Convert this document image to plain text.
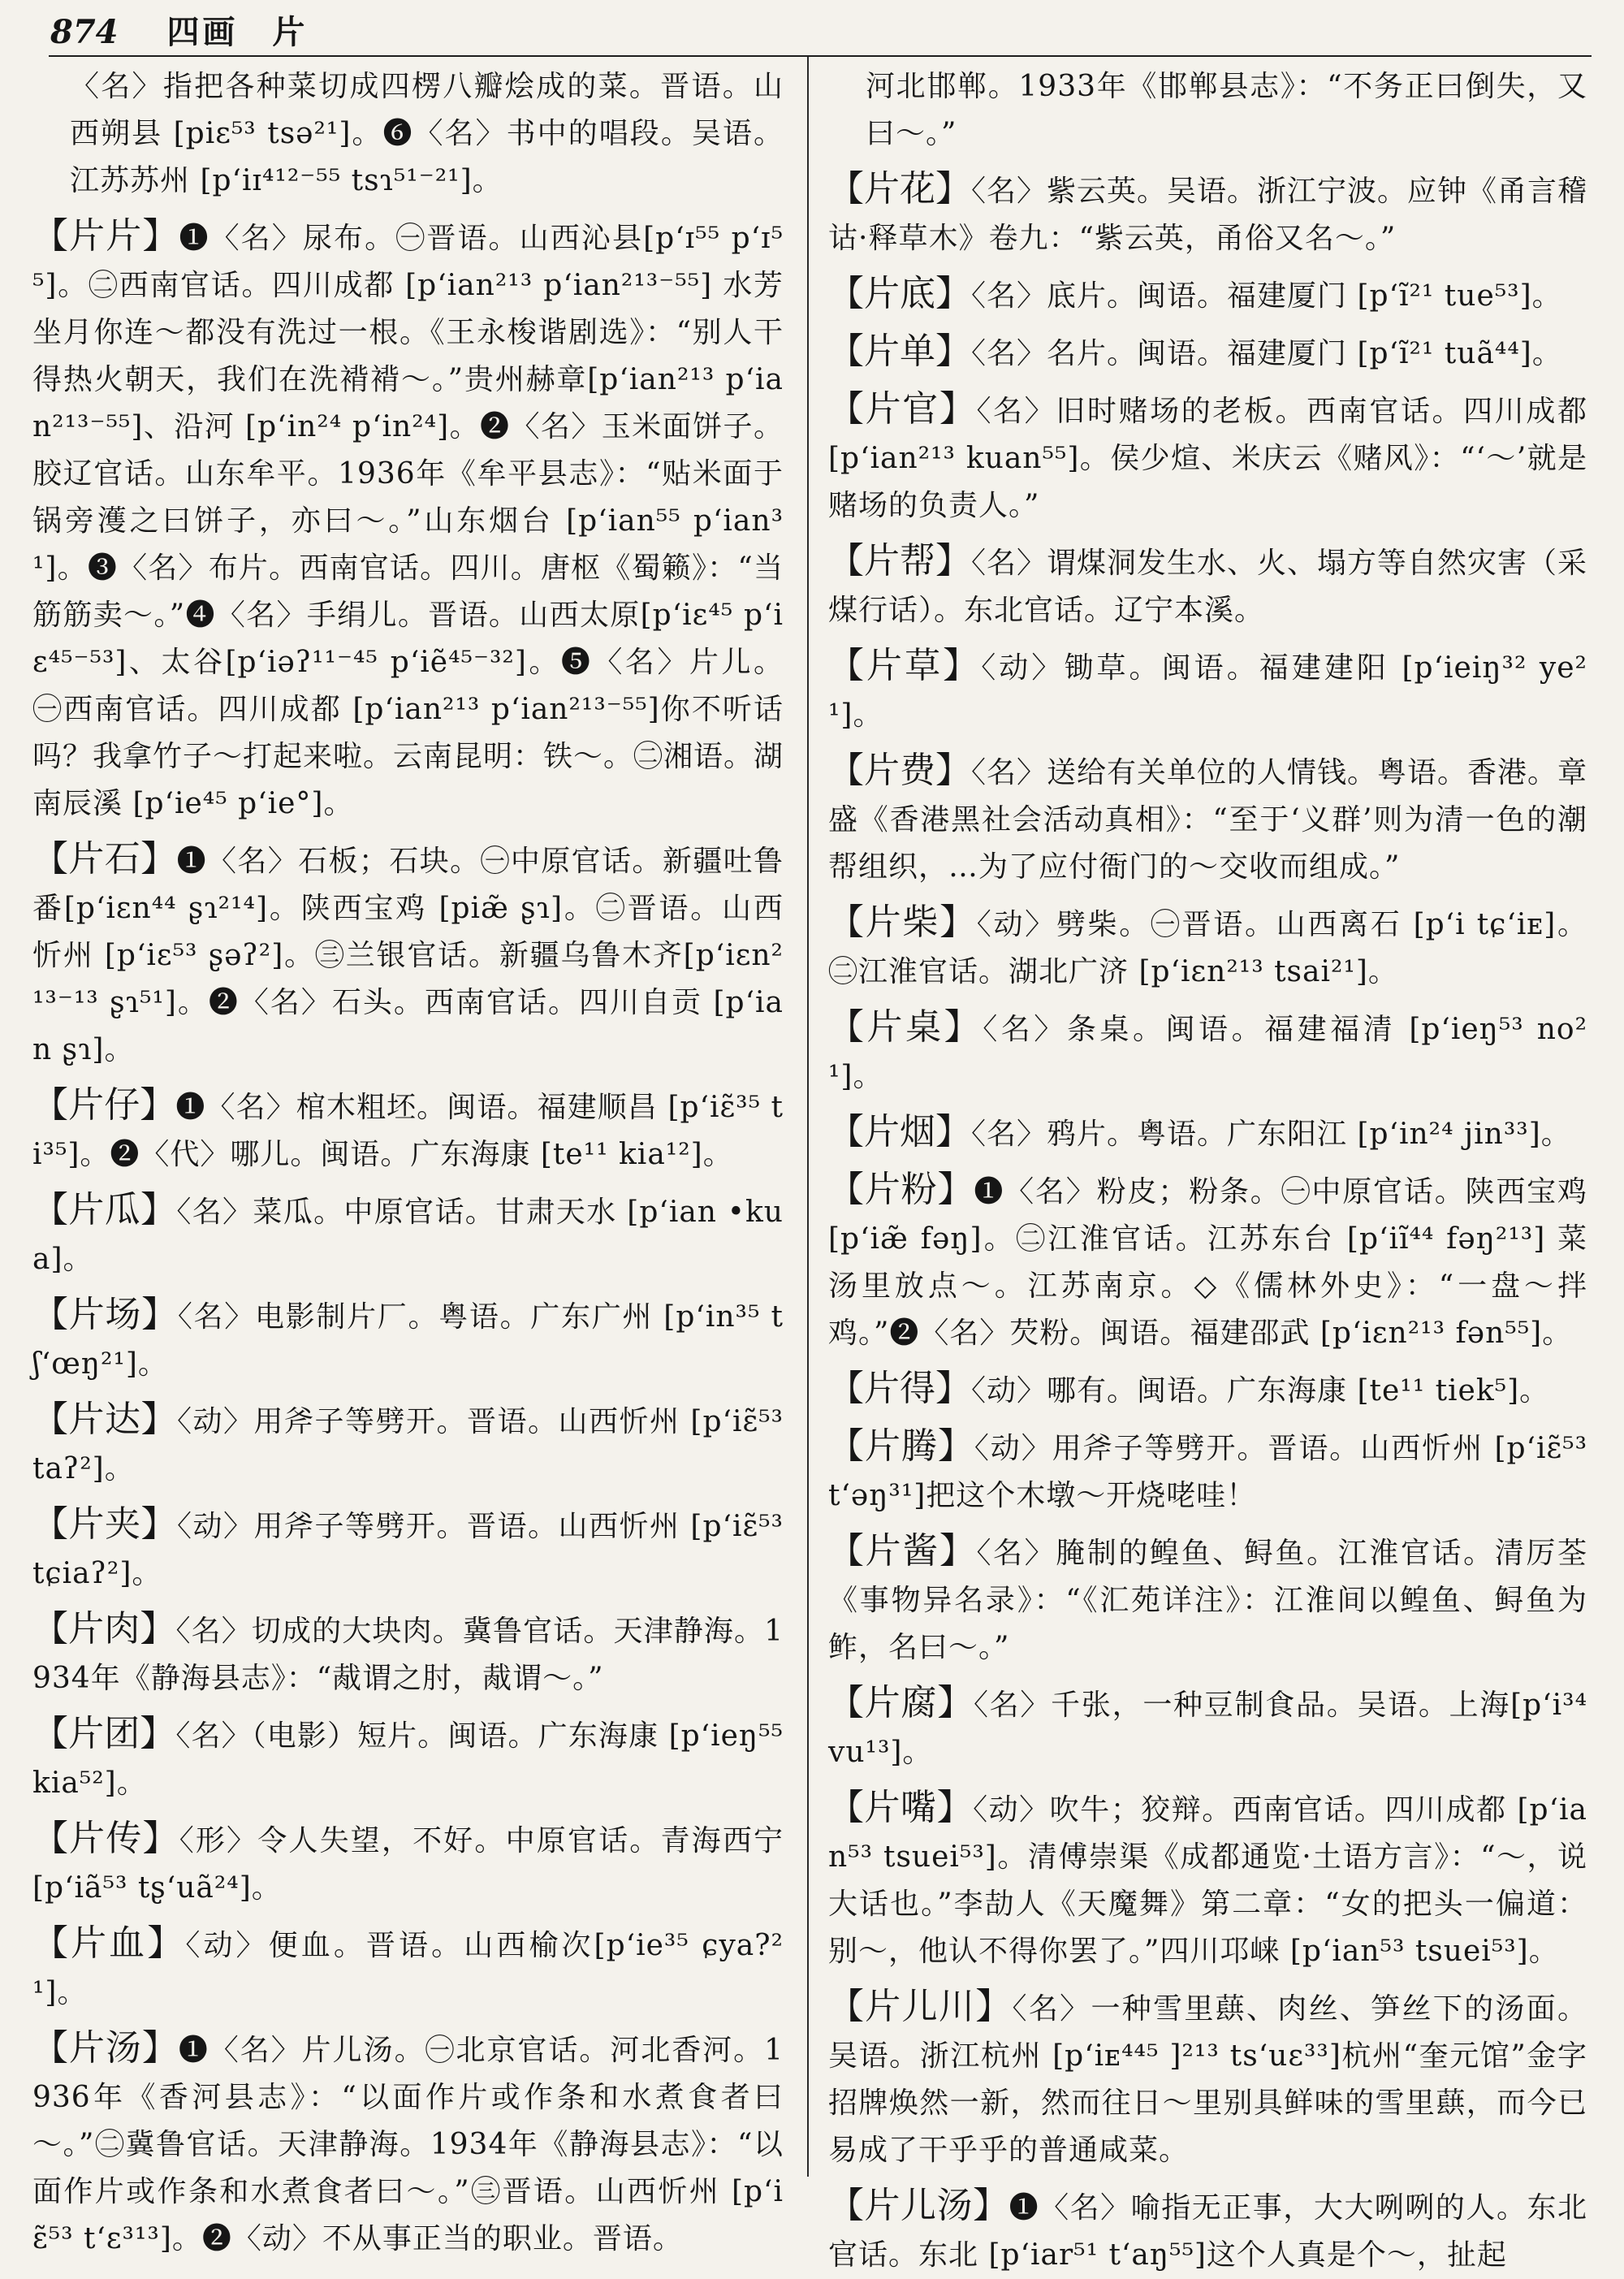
874 四画 片

〈名〉指把各种菜切成四楞八瓣烩成的菜。晋语。山西朔县 [piɛ⁵³ tsə²¹]。❻〈名〉书中的唱段。吴语。江苏苏州 [p‘iɪ⁴¹²⁻⁵⁵ tsɿ⁵¹⁻²¹]。

【片片】❶〈名〉尿布。㊀晋语。山西沁县[p‘ɪ⁵⁵ p‘ɪ⁵⁵]。㊁西南官话。四川成都 [p‘ian²¹³ p‘ian²¹³⁻⁵⁵] 水芳坐月你连～都没有洗过一根。《王永梭谐剧选》：“别人干得热火朝天，我们在洗褙褙～。”贵州赫章[p‘ian²¹³ p‘ian²¹³⁻⁵⁵]、沿河 [p‘in²⁴ p‘in²⁴]。❷〈名〉玉米面饼子。胶辽官话。山东牟平。1936年《牟平县志》：“贴米面于锅旁濩之曰饼子，亦曰～。”山东烟台 [p‘ian⁵⁵ p‘ian³¹]。❸〈名〉布片。西南官话。四川。唐枢《蜀籁》：“当筋筋卖～。”❹〈名〉手绢儿。晋语。山西太原[p‘iɛ⁴⁵ p‘iɛ⁴⁵⁻⁵³]、太谷[p‘iəʔ¹¹⁻⁴⁵ p‘iẽ⁴⁵⁻³²]。❺〈名〉片儿。㊀西南官话。四川成都 [p‘ian²¹³ p‘ian²¹³⁻⁵⁵]你不听话吗？我拿竹子～打起来啦。云南昆明：铁～。㊁湘语。湖南辰溪 [p‘ie⁴⁵ p‘ie°]。

【片石】❶〈名〉石板；石块。㊀中原官话。新疆吐鲁番[p‘iɛn⁴⁴ ʂɿ²¹⁴]。陕西宝鸡 [piæ̃ ʂɿ]。㊁晋语。山西忻州 [p‘iɛ⁵³ ʂəʔ²]。㊂兰银官话。新疆乌鲁木齐[p‘iɛn²¹³⁻¹³ ʂɿ⁵¹]。❷〈名〉石头。西南官话。四川自贡 [p‘ian ʂɿ]。

【片仔】❶〈名〉棺木粗坯。闽语。福建顺昌 [p‘iɛ̃³⁵ ti³⁵]。❷〈代〉哪儿。闽语。广东海康 [te¹¹ kia¹²]。

【片瓜】〈名〉菜瓜。中原官话。甘肃天水 [p‘ian •kua]。

【片场】〈名〉电影制片厂。粤语。广东广州 [p‘in³⁵ tʃ‘œŋ²¹]。

【片达】〈动〉用斧子等劈开。晋语。山西忻州 [p‘iɛ̃⁵³ taʔ²]。

【片夹】〈动〉用斧子等劈开。晋语。山西忻州 [p‘iɛ̃⁵³ tɕiaʔ²]。

【片肉】〈名〉切成的大块肉。冀鲁官话。天津静海。1934年《静海县志》：“胾谓之肘，胾谓～。”

【片团】〈名〉（电影）短片。闽语。广东海康 [p‘ieŋ⁵⁵ kia⁵²]。

【片传】〈形〉令人失望，不好。中原官话。青海西宁 [p‘iã⁵³ tʂ‘uã²⁴]。

【片血】〈动〉便血。晋语。山西榆次[p‘ie³⁵ ɕya?²¹]。

【片汤】❶〈名〉片儿汤。㊀北京官话。河北香河。1936年《香河县志》：“以面作片或作条和水煮食者曰～。”㊁冀鲁官话。天津静海。1934年《静海县志》：“以面作片或作条和水煮食者曰～。”㊂晋语。山西忻州 [p‘iɛ̃⁵³ t‘ɛ³¹³]。❷〈动〉不从事正当的职业。晋语。

河北邯郸。1933年《邯郸县志》：“不务正曰倒失，又曰～。”

【片花】〈名〉紫云英。吴语。浙江宁波。应钟《甬言稽诂·释草木》卷九：“紫云英，甬俗又名～。”

【片底】〈名〉底片。闽语。福建厦门 [p‘ĩ²¹ tue⁵³]。

【片单】〈名〉名片。闽语。福建厦门 [p‘ĩ²¹ tuã⁴⁴]。

【片官】〈名〉旧时赌场的老板。西南官话。四川成都 [p‘ian²¹³ kuan⁵⁵]。侯少煊、米庆云《赌风》：“‘～’就是赌场的负责人。”

【片帮】〈名〉谓煤洞发生水、火、塌方等自然灾害（采煤行话）。东北官话。辽宁本溪。

【片草】〈动〉锄草。闽语。福建建阳 [p‘ieiŋ³² ye²¹]。

【片费】〈名〉送给有关单位的人情钱。粤语。香港。章盛《香港黑社会活动真相》：“至于‘义群’则为清一色的潮帮组织，…为了应付衙门的～交收而组成。”

【片柴】〈动〉劈柴。㊀晋语。山西离石 [p‘i tɕ‘iᴇ]。㊁江淮官话。湖北广济 [p‘iɛn²¹³ tsai²¹]。

【片桌】〈名〉条桌。闽语。福建福清 [p‘ieŋ⁵³ no²¹]。

【片烟】〈名〉鸦片。粤语。广东阳江 [p‘in²⁴ jin³³]。

【片粉】❶〈名〉粉皮；粉条。㊀中原官话。陕西宝鸡 [p‘iæ̃ fəŋ]。㊁江淮官话。江苏东台 [p‘iĩ⁴⁴ fəŋ²¹³] 菜汤里放点～。江苏南京。◇《儒林外史》：“一盘～拌鸡。”❷〈名〉芡粉。闽语。福建邵武 [p‘iɛn²¹³ fən⁵⁵]。

【片得】〈动〉哪有。闽语。广东海康 [te¹¹ tiek⁵]。

【片腾】〈动〉用斧子等劈开。晋语。山西忻州 [p‘iɛ̃⁵³ t‘əŋ³¹]把这个木墩～开烧咾哇！

【片酱】〈名〉腌制的鳇鱼、鲟鱼。江淮官话。清厉荃《事物异名录》：“《汇苑详注》：江淮间以鳇鱼、鲟鱼为鲊，名曰～。”

【片腐】〈名〉千张，一种豆制食品。吴语。上海[p‘i³⁴ vu¹³]。

【片嘴】〈动〉吹牛；狡辩。西南官话。四川成都 [p‘ian⁵³ tsuei⁵³]。清傅崇渠《成都通览·土语方言》：“～，说大话也。”李劼人《天魔舞》第二章：“女的把头一偏道：别～，他认不得你罢了。”四川邛崃 [p‘ian⁵³ tsuei⁵³]。

【片儿川】〈名〉一种雪里蕻、肉丝、笋丝下的汤面。吴语。浙江杭州 [p‘iᴇ⁴⁴⁵ ]²¹³ ts‘uɛ³³]杭州“奎元馆”金字招牌焕然一新，然而往日～里别具鲜味的雪里蕻，而今已易成了干乎乎的普通咸菜。

【片儿汤】❶〈名〉喻指无正事，大大咧咧的人。东北官话。东北 [p‘iar⁵¹ t‘aŋ⁵⁵]这个人真是个～，扯起
